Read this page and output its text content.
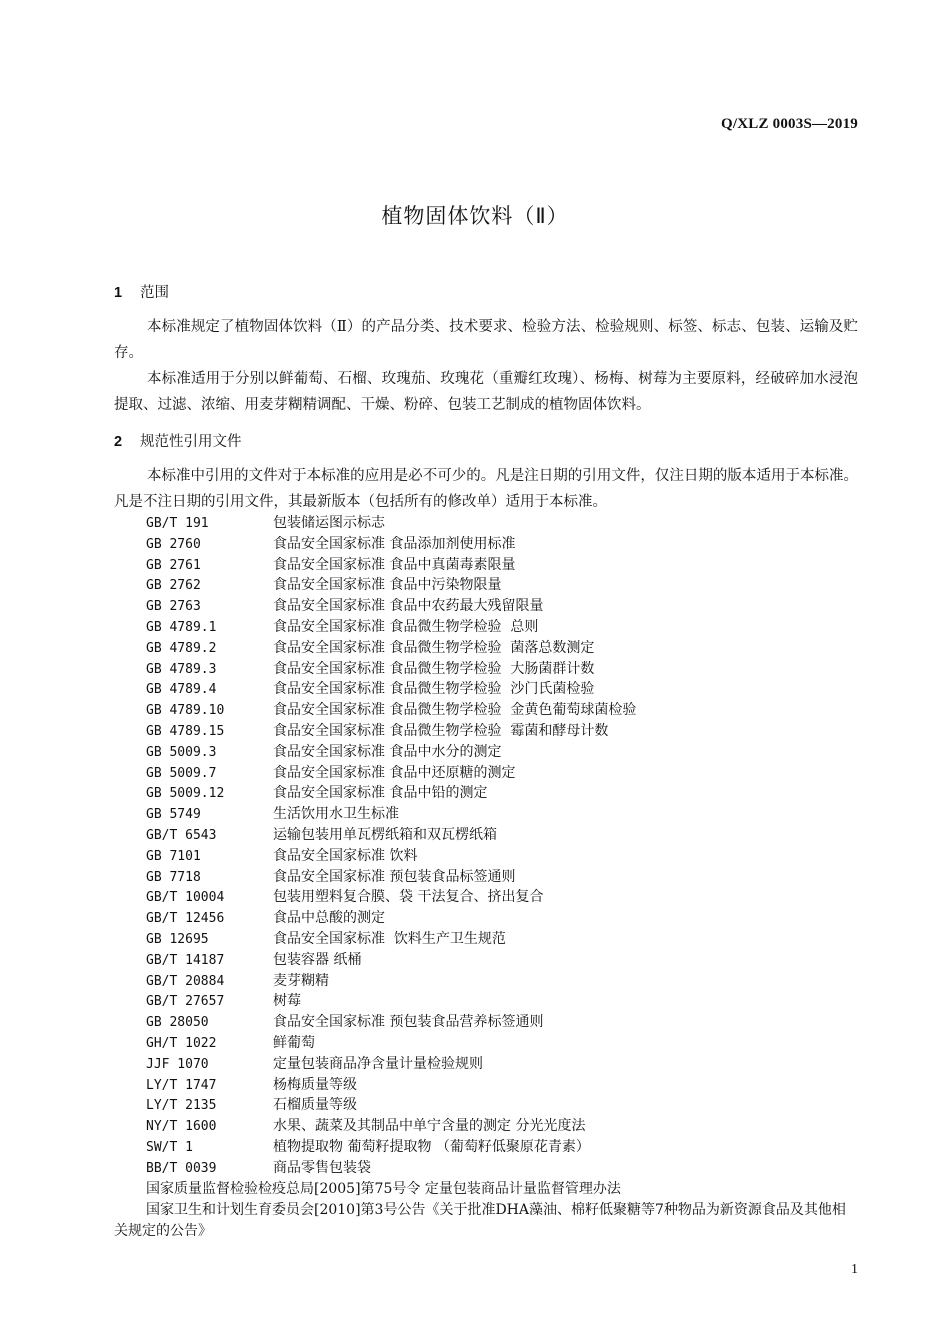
Q/XLZ 0003S—2019
植物固体饮料（Ⅱ）
1 范围
本标准规定了植物固体饮料（Ⅱ）的产品分类、技术要求、检验方法、检验规则、标签、标志、包装、运输及贮存。
本标准适用于分别以鲜葡萄、石榴、玫瑰茄、玫瑰花（重瓣红玫瑰）、杨梅、树莓为主要原料，经破碎加水浸泡提取、过滤、浓缩、用麦芽糊精调配、干燥、粉碎、包装工艺制成的植物固体饮料。
2 规范性引用文件
本标准中引用的文件对于本标准的应用是必不可少的。凡是注日期的引用文件，仅注日期的版本适用于本标准。凡是不注日期的引用文件，其最新版本（包括所有的修改单）适用于本标准。
GB/T 191	包装储运图示标志
GB 2760	食品安全国家标准 食品添加剂使用标准
GB 2761	食品安全国家标准 食品中真菌毒素限量
GB 2762	食品安全国家标准 食品中污染物限量
GB 2763	食品安全国家标准 食品中农药最大残留限量
GB 4789.1	食品安全国家标准 食品微生物学检验  总则
GB 4789.2	食品安全国家标准 食品微生物学检验  菌落总数测定
GB 4789.3	食品安全国家标准 食品微生物学检验  大肠菌群计数
GB 4789.4	食品安全国家标准 食品微生物学检验  沙门氏菌检验
GB 4789.10	食品安全国家标准 食品微生物学检验  金黄色葡萄球菌检验
GB 4789.15	食品安全国家标准 食品微生物学检验  霉菌和酵母计数
GB 5009.3	食品安全国家标准 食品中水分的测定
GB 5009.7	食品安全国家标准 食品中还原糖的测定
GB 5009.12	食品安全国家标准 食品中铅的测定
GB 5749	生活饮用水卫生标准
GB/T 6543	运输包装用单瓦楞纸箱和双瓦楞纸箱
GB 7101	食品安全国家标准 饮料
GB 7718	食品安全国家标准 预包装食品标签通则
GB/T 10004	包装用塑料复合膜、袋 干法复合、挤出复合
GB/T 12456	食品中总酸的测定
GB 12695	食品安全国家标准  饮料生产卫生规范
GB/T 14187	包装容器 纸桶
GB/T 20884	麦芽糊精
GB/T 27657	树莓
GB 28050	食品安全国家标准 预包装食品营养标签通则
GH/T 1022	鲜葡萄
JJF 1070	定量包装商品净含量计量检验规则
LY/T 1747	杨梅质量等级
LY/T 2135	石榴质量等级
NY/T 1600	水果、蔬菜及其制品中单宁含量的测定 分光光度法
SW/T 1	植物提取物 葡萄籽提取物 （葡萄籽低聚原花青素）
BB/T 0039	商品零售包装袋
国家质量监督检验检疫总局[2005]第75号令 定量包装商品计量监督管理办法
国家卫生和计划生育委员会[2010]第3号公告《关于批准DHA藻油、棉籽低聚糖等7种物品为新资源食品及其他相关规定的公告》
1
